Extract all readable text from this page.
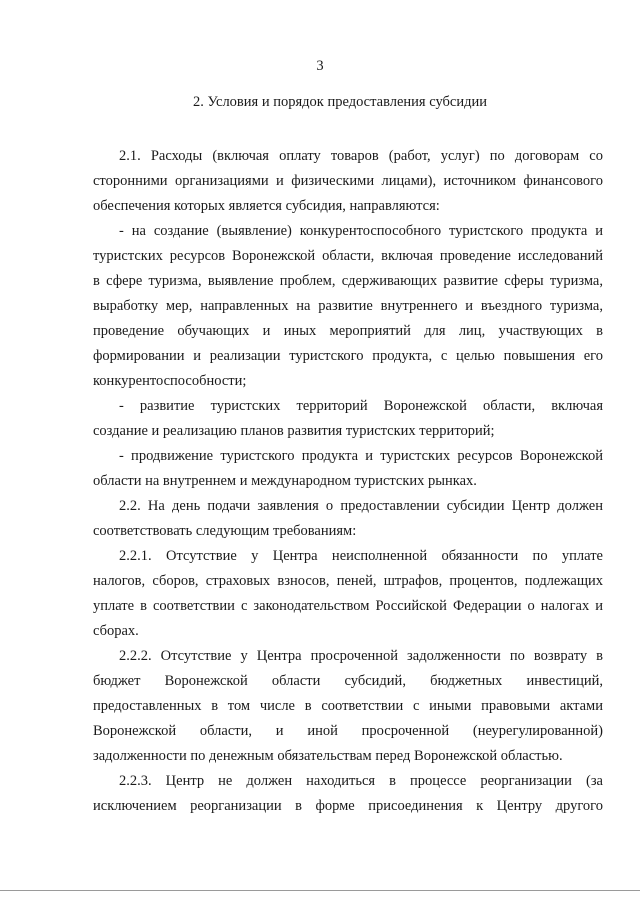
3
2. Условия и порядок предоставления субсидии
2.1. Расходы (включая оплату товаров (работ, услуг) по договорам со
сторонними организациями и физическими лицами), источником финансового
обеспечения которых является субсидия, направляются:
- на создание (выявление) конкурентоспособного туристского продукта и
туристских ресурсов Воронежской области, включая проведение исследований
в сфере туризма, выявление проблем, сдерживающих развитие сферы туризма,
выработку мер, направленных на развитие внутреннего и въездного туризма,
проведение обучающих и иных мероприятий для лиц, участвующих в
формировании и реализации туристского продукта, с целью повышения его
конкурентоспособности;
- развитие туристских территорий Воронежской области, включая
создание и реализацию планов развития туристских территорий;
- продвижение туристского продукта и туристских ресурсов Воронежской
области на внутреннем и международном туристских рынках.
2.2. На день подачи заявления о предоставлении субсидии Центр должен
соответствовать следующим требованиям:
2.2.1. Отсутствие у Центра неисполненной обязанности по уплате
налогов, сборов, страховых взносов, пеней, штрафов, процентов, подлежащих
уплате в соответствии с законодательством Российской Федерации о налогах и
сборах.
2.2.2. Отсутствие у Центра просроченной задолженности по возврату в
бюджет Воронежской области субсидий, бюджетных инвестиций,
предоставленных в том числе в соответствии с иными правовыми актами
Воронежской области, и иной просроченной (неурегулированной)
задолженности по денежным обязательствам перед Воронежской областью.
2.2.3. Центр не должен находиться в процессе реорганизации (за
исключением реорганизации в форме присоединения к Центру другого
